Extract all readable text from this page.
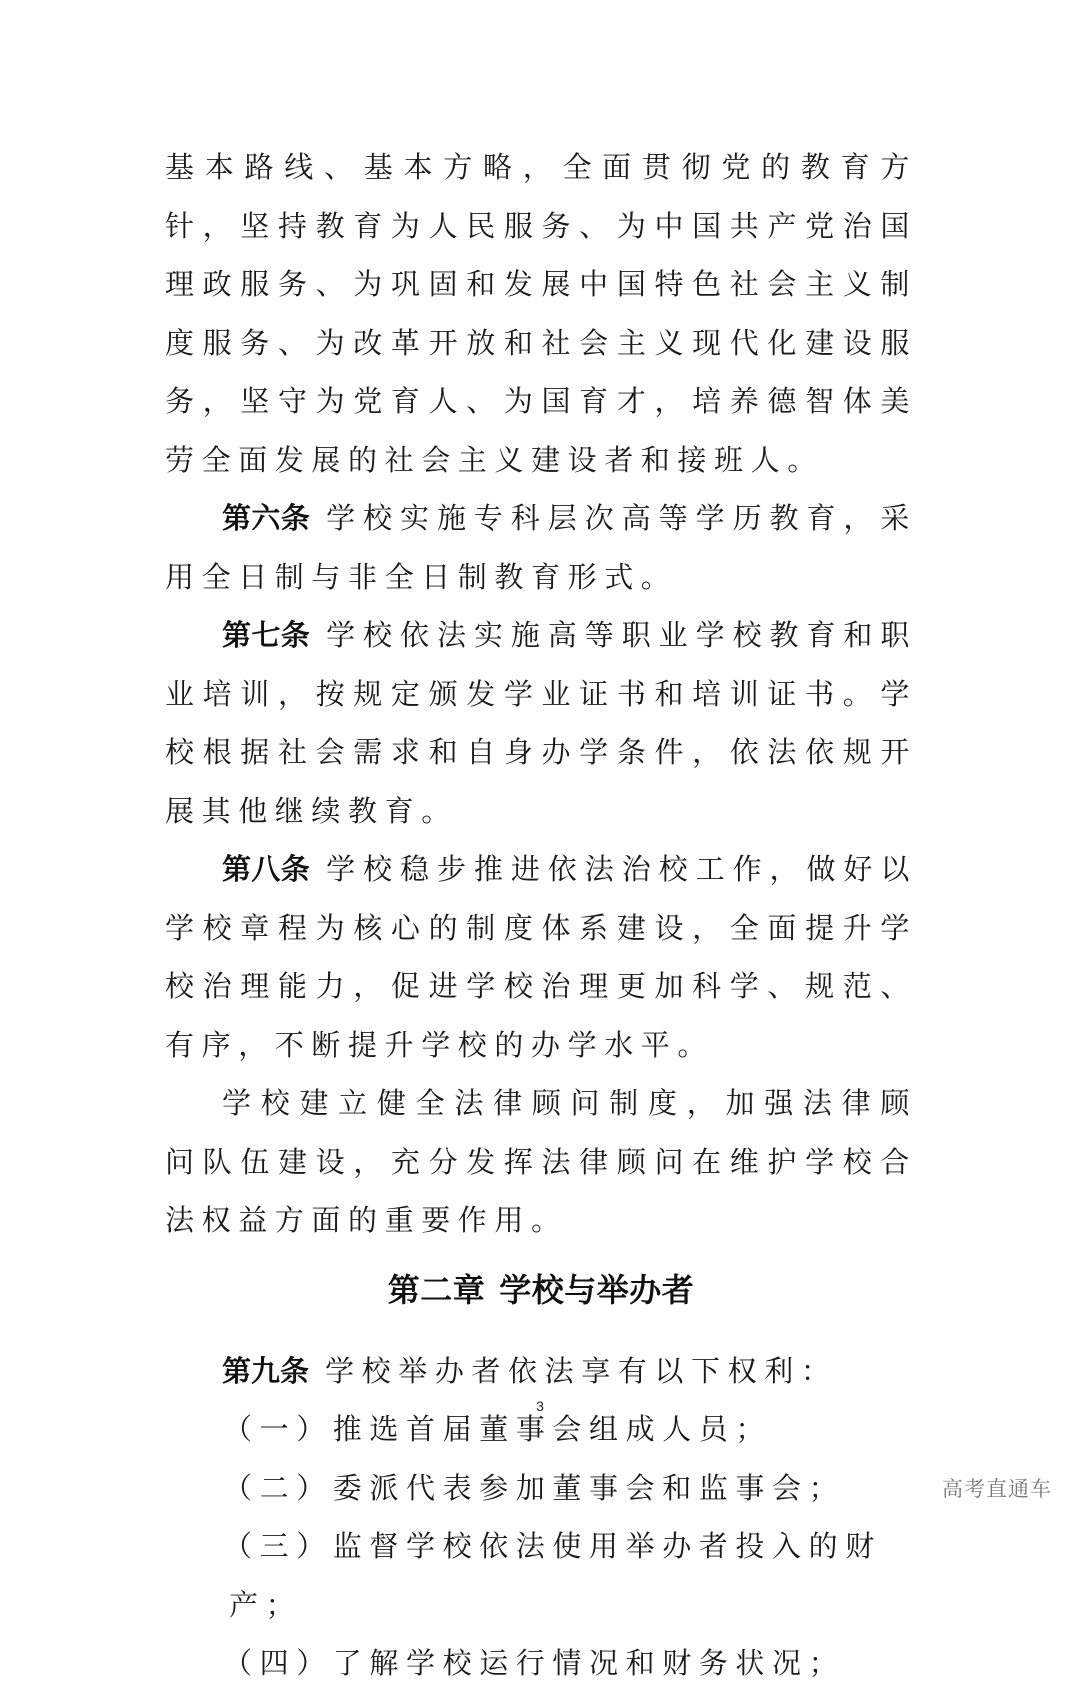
基本路线、基本方略，全面贯彻党的教育方针，坚持教育为人民服务、为中国共产党治国理政服务、为巩固和发展中国特色社会主义制度服务、为改革开放和社会主义现代化建设服务，坚守为党育人、为国育才，培养德智体美劳全面发展的社会主义建设者和接班人。

第六条 学校实施专科层次高等学历教育，采用全日制与非全日制教育形式。

第七条 学校依法实施高等职业学校教育和职业培训，按规定颁发学业证书和培训证书。学校根据社会需求和自身办学条件，依法依规开展其他继续教育。

第八条 学校稳步推进依法治校工作，做好以学校章程为核心的制度体系建设，全面提升学校治理能力，促进学校治理更加科学、规范、有序，不断提升学校的办学水平。

学校建立健全法律顾问制度，加强法律顾问队伍建设，充分发挥法律顾问在维护学校合法权益方面的重要作用。

第二章 学校与举办者

第九条 学校举办者依法享有以下权利：

（一）推选首届董事会组成人员；

（二）委派代表参加董事会和监事会；

（三）监督学校依法使用举办者投入的财产；

（四）了解学校运行情况和财务状况；

3
高考直通车
